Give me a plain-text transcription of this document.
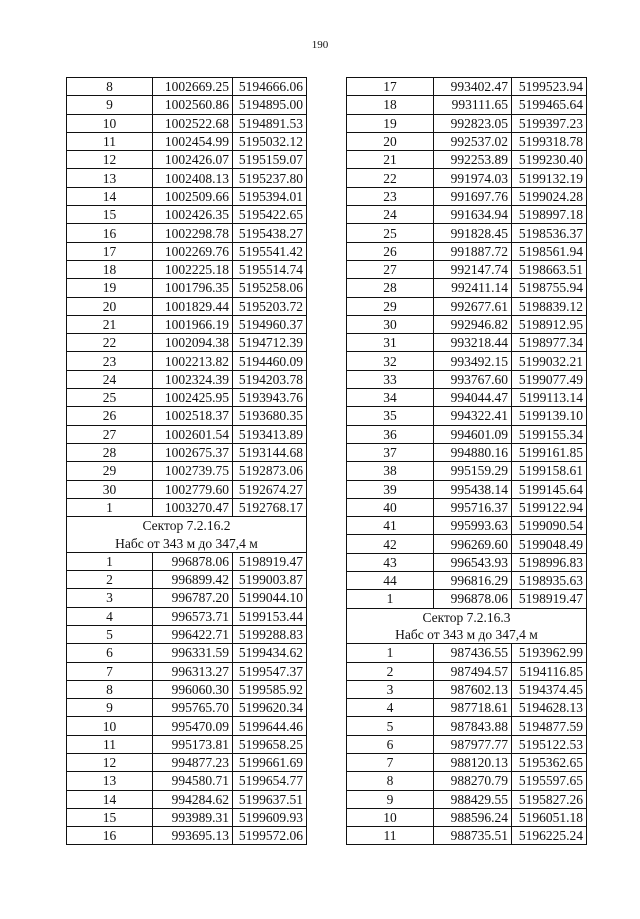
190
8	1002669.25	5194666.06
9	1002560.86	5194895.00
10	1002522.68	5194891.53
11	1002454.99	5195032.12
12	1002426.07	5195159.07
13	1002408.13	5195237.80
14	1002509.66	5195394.01
15	1002426.35	5195422.65
16	1002298.78	5195438.27
17	1002269.76	5195541.42
18	1002225.18	5195514.74
19	1001796.35	5195258.06
20	1001829.44	5195203.72
21	1001966.19	5194960.37
22	1002094.38	5194712.39
23	1002213.82	5194460.09
24	1002324.39	5194203.78
25	1002425.95	5193943.76
26	1002518.37	5193680.35
27	1002601.54	5193413.89
28	1002675.37	5193144.68
29	1002739.75	5192873.06
30	1002779.60	5192674.27
1	1003270.47	5192768.17
Сектор 7.2.16.2		
Набс от 343 м до 347,4 м		
1	996878.06	5198919.47
2	996899.42	5199003.87
3	996787.20	5199044.10
4	996573.71	5199153.44
5	996422.71	5199288.83
6	996331.59	5199434.62
7	996313.27	5199547.37
8	996060.30	5199585.92
9	995765.70	5199620.34
10	995470.09	5199644.46
11	995173.81	5199658.25
12	994877.23	5199661.69
13	994580.71	5199654.77
14	994284.62	5199637.51
15	993989.31	5199609.93
16	993695.13	5199572.06
17	993402.47	5199523.94
18	993111.65	5199465.64
19	992823.05	5199397.23
20	992537.02	5199318.78
21	992253.89	5199230.40
22	991974.03	5199132.19
23	991697.76	5199024.28
24	991634.94	5198997.18
25	991828.45	5198536.37
26	991887.72	5198561.94
27	992147.74	5198663.51
28	992411.14	5198755.94
29	992677.61	5198839.12
30	992946.82	5198912.95
31	993218.44	5198977.34
32	993492.15	5199032.21
33	993767.60	5199077.49
34	994044.47	5199113.14
35	994322.41	5199139.10
36	994601.09	5199155.34
37	994880.16	5199161.85
38	995159.29	5199158.61
39	995438.14	5199145.64
40	995716.37	5199122.94
41	995993.63	5199090.54
42	996269.60	5199048.49
43	996543.93	5198996.83
44	996816.29	5198935.63
1	996878.06	5198919.47
Сектор 7.2.16.3		
Набс от 343 м до 347,4 м		
1	987436.55	5193962.99
2	987494.57	5194116.85
3	987602.13	5194374.45
4	987718.61	5194628.13
5	987843.88	5194877.59
6	987977.77	5195122.53
7	988120.13	5195362.65
8	988270.79	5195597.65
9	988429.55	5195827.26
10	988596.24	5196051.18
11	988735.51	5196225.24
